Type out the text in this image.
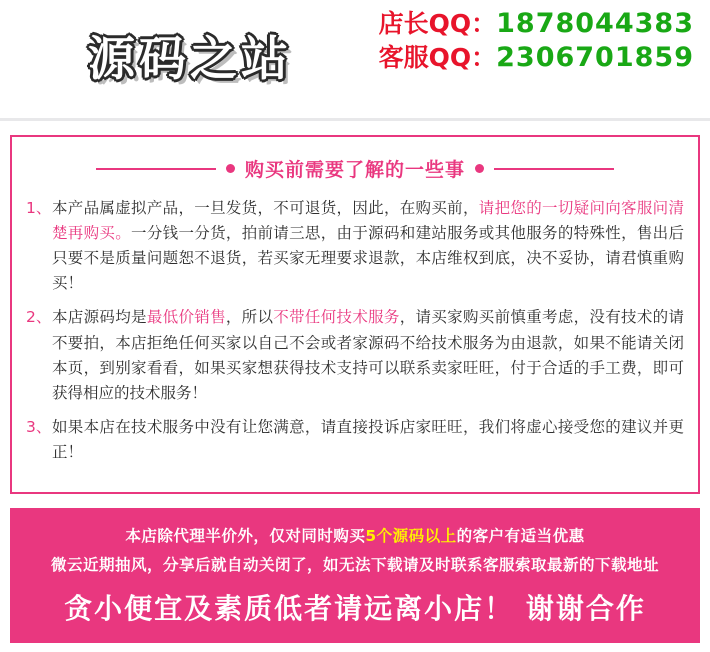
源码之站
店长QQ：1878044383
客服QQ：2306701859
购买前需要了解的一些事
1、 本产品属虚拟产品，一旦发货，不可退货，因此，在购买前，请把您的一切疑问向客服问清楚再购买。一分钱一分货，拍前请三思，由于源码和建站服务或其他服务的特殊性，售出后只要不是质量问题恕不退货，若买家无理要求退款，本店维权到底，决不妥协，请君慎重购买！
2、 本店源码均是最低价销售，所以不带任何技术服务，请买家购买前慎重考虑，没有技术的请不要拍，本店拒绝任何买家以自己不会或者家源码不给技术服务为由退款，如果不能请关闭本页，到别家看看，如果买家想获得技术支持可以联系卖家旺旺，付于合适的手工费，即可获得相应的技术服务！
3、 如果本店在技术服务中没有让您满意，请直接投诉店家旺旺，我们将虚心接受您的建议并更正！
本店除代理半价外，仅对同时购买5个源码以上的客户有适当优惠
微云近期抽风，分享后就自动关闭了，如无法下载请及时联系客服索取最新的下载地址
贪小便宜及素质低者请远离小店！ 谢谢合作
